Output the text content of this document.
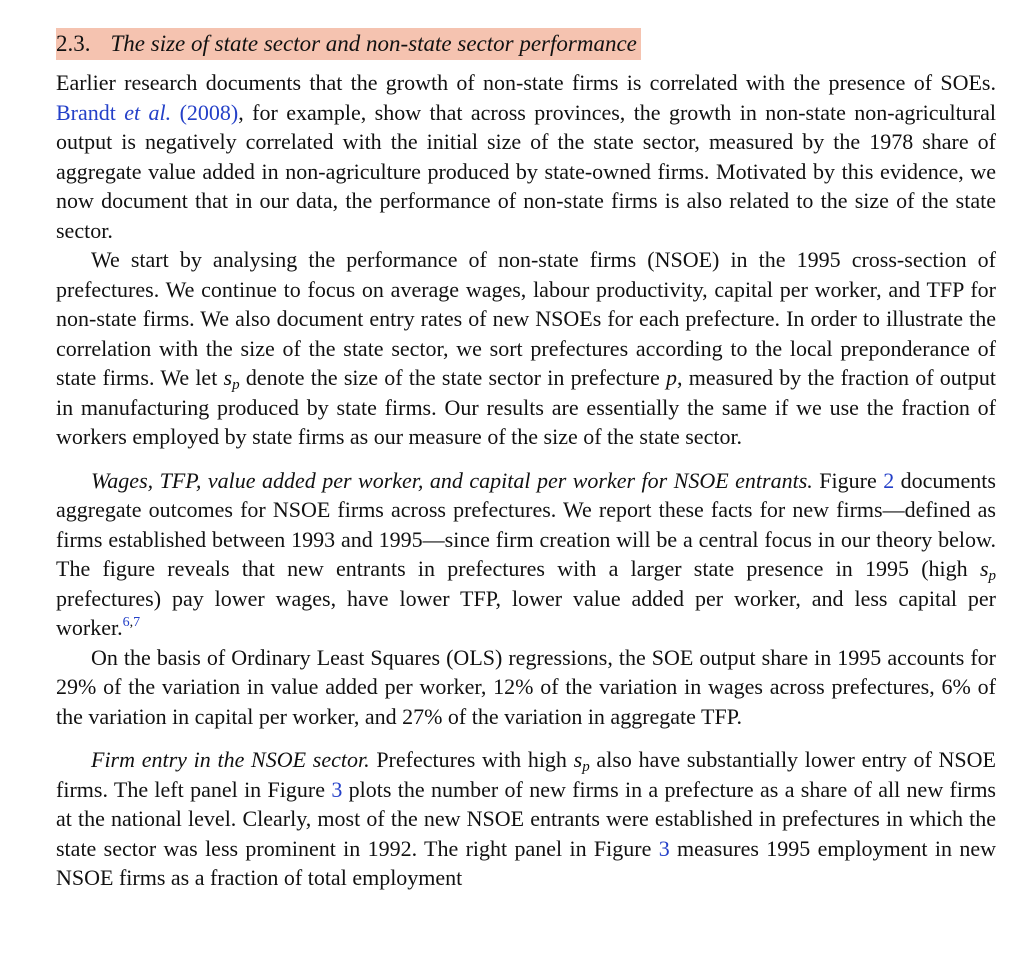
2.3. The size of state sector and non-state sector performance

Earlier research documents that the growth of non-state firms is correlated with the presence of SOEs. Brandt et al. (2008), for example, show that across provinces, the growth in non-state non-agricultural output is negatively correlated with the initial size of the state sector, measured by the 1978 share of aggregate value added in non-agriculture produced by state-owned firms. Motivated by this evidence, we now document that in our data, the performance of non-state firms is also related to the size of the state sector.

We start by analysing the performance of non-state firms (NSOE) in the 1995 cross-section of prefectures. We continue to focus on average wages, labour productivity, capital per worker, and TFP for non-state firms. We also document entry rates of new NSOEs for each prefecture. In order to illustrate the correlation with the size of the state sector, we sort prefectures according to the local preponderance of state firms. We let $s_p$ denote the size of the state sector in prefecture p, measured by the fraction of output in manufacturing produced by state firms. Our results are essentially the same if we use the fraction of workers employed by state firms as our measure of the size of the state sector.

Wages, TFP, value added per worker, and capital per worker for NSOE entrants. Figure 2 documents aggregate outcomes for NSOE firms across prefectures. We report these facts for new firms—defined as firms established between 1993 and 1995—since firm creation will be a central focus in our theory below. The figure reveals that new entrants in prefectures with a larger state presence in 1995 (high $s_p$ prefectures) pay lower wages, have lower TFP, lower value added per worker, and less capital per worker.$^{6,7}$

On the basis of Ordinary Least Squares (OLS) regressions, the SOE output share in 1995 accounts for 29% of the variation in value added per worker, 12% of the variation in wages across prefectures, 6% of the variation in capital per worker, and 27% of the variation in aggregate TFP.

Firm entry in the NSOE sector. Prefectures with high $s_p$ also have substantially lower entry of NSOE firms. The left panel in Figure 3 plots the number of new firms in a prefecture as a share of all new firms at the national level. Clearly, most of the new NSOE entrants were established in prefectures in which the state sector was less prominent in 1992. The right panel in Figure 3 measures 1995 employment in new NSOE firms as a fraction of total employment
